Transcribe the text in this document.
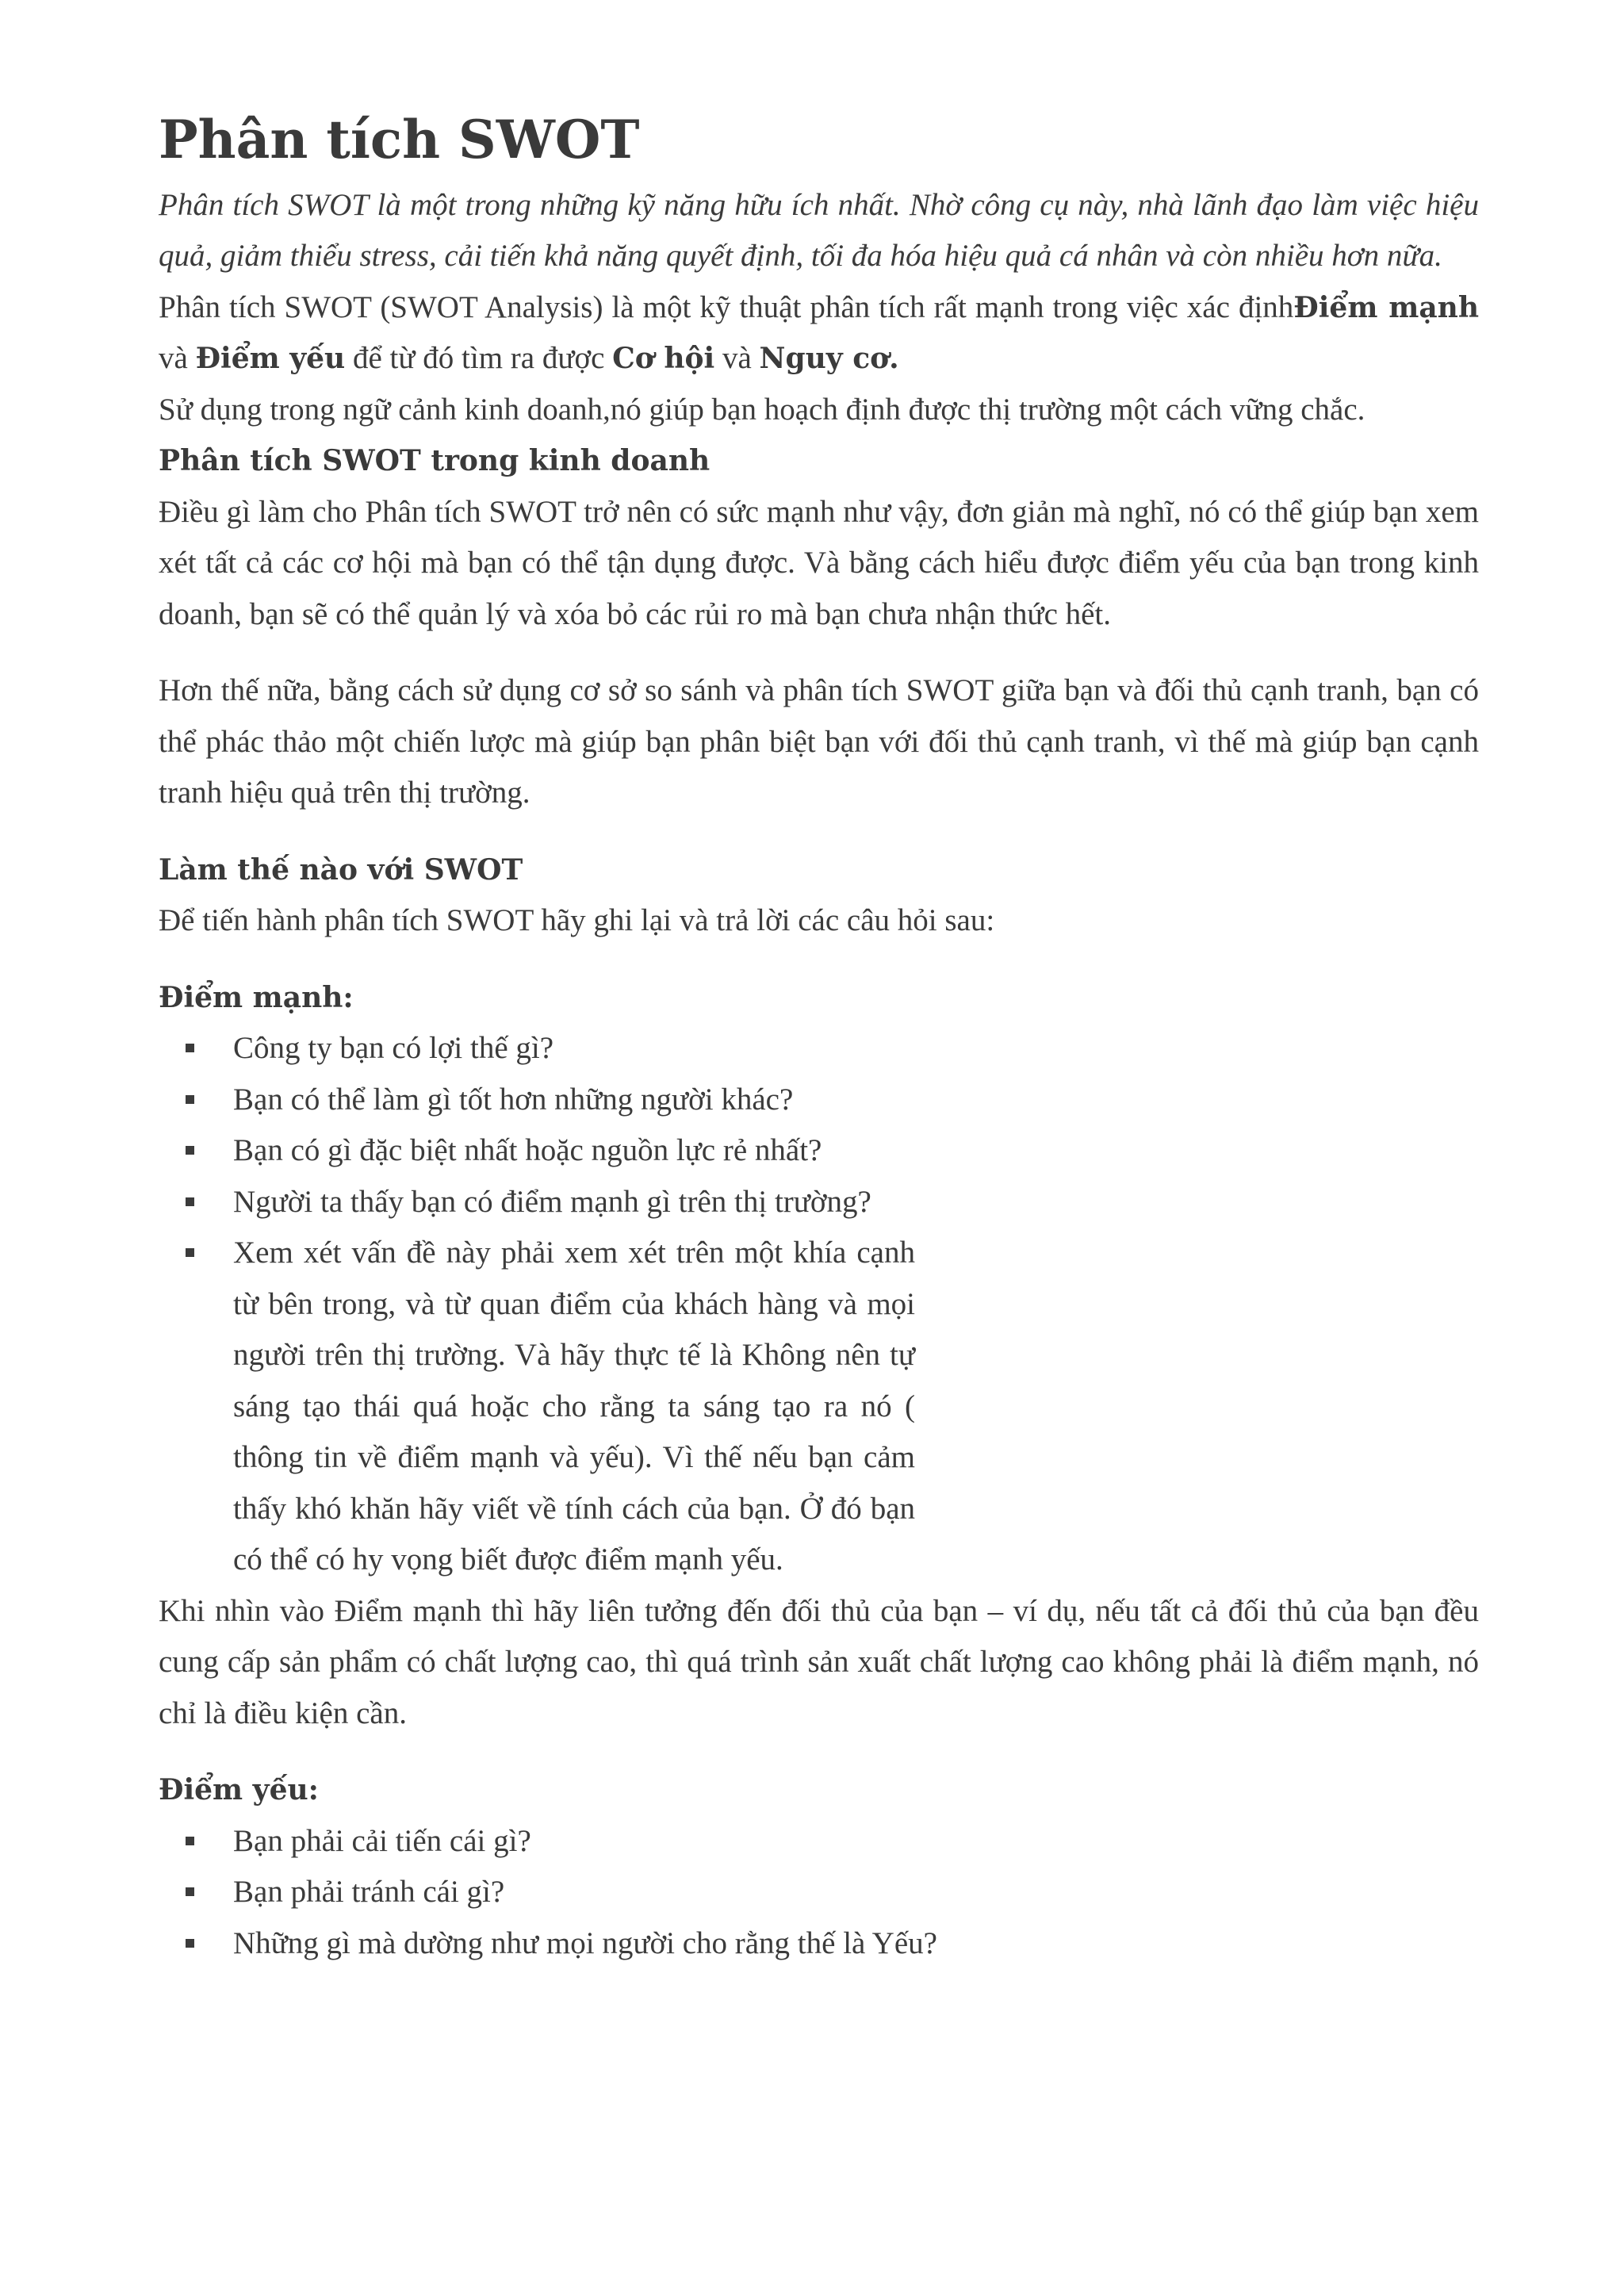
Phân tích SWOT

Phân tích SWOT là một trong những kỹ năng hữu ích nhất. Nhờ công cụ này, nhà lãnh đạo làm việc hiệu quả, giảm thiểu stress, cải tiến khả năng quyết định, tối đa hóa hiệu quả cá nhân và còn nhiều hơn nữa.

Phân tích SWOT (SWOT Analysis) là một kỹ thuật phân tích rất mạnh trong việc xác địnhĐiểm mạnh và Điểm yếu để từ đó tìm ra được Cơ hội và Nguy cơ.

Sử dụng trong ngữ cảnh kinh doanh,nó giúp bạn hoạch định được thị trường một cách vững chắc.

Phân tích SWOT trong kinh doanh

Điều gì làm cho Phân tích SWOT trở nên có sức mạnh như vậy, đơn giản mà nghĩ, nó có thể giúp bạn xem xét tất cả các cơ hội mà bạn có thể tận dụng được. Và bằng cách hiểu được điểm yếu của bạn trong kinh doanh, bạn sẽ có thể quản lý và xóa bỏ các rủi ro mà bạn chưa nhận thức hết.

Hơn thế nữa, bằng cách sử dụng cơ sở so sánh và phân tích SWOT giữa bạn và đối thủ cạnh tranh, bạn có thể phác thảo một chiến lược mà giúp bạn phân biệt bạn với đối thủ cạnh tranh, vì thế mà giúp bạn cạnh tranh hiệu quả trên thị trường.

Làm thế nào với SWOT

Để tiến hành phân tích SWOT hãy ghi lại và trả lời các câu hỏi sau:

Điểm mạnh:
Công ty bạn có lợi thế gì?
Bạn có thể làm gì tốt hơn những người khác?
Bạn có gì đặc biệt nhất hoặc nguồn lực rẻ nhất?
Người ta thấy bạn có điểm mạnh gì trên thị trường?
Xem xét vấn đề này phải xem xét trên một khía cạnh từ bên trong, và từ quan điểm của khách hàng và mọi người trên thị trường. Và hãy thực tế là Không nên tự sáng tạo thái quá hoặc cho rằng ta sáng tạo ra nó ( thông tin về điểm mạnh và yếu). Vì thế nếu bạn cảm thấy khó khăn hãy viết về tính cách của bạn. Ở đó bạn có thể có hy vọng biết được điểm mạnh yếu.

Khi nhìn vào Điểm mạnh thì hãy liên tưởng đến đối thủ của bạn – ví dụ, nếu tất cả đối thủ của bạn đều cung cấp sản phẩm có chất lượng cao, thì quá trình sản xuất chất lượng cao không phải là điểm mạnh, nó chỉ là điều kiện cần.

Điểm yếu:
Bạn phải cải tiến cái gì?
Bạn phải tránh cái gì?
Những gì mà dường như mọi người cho rằng thế là Yếu?
